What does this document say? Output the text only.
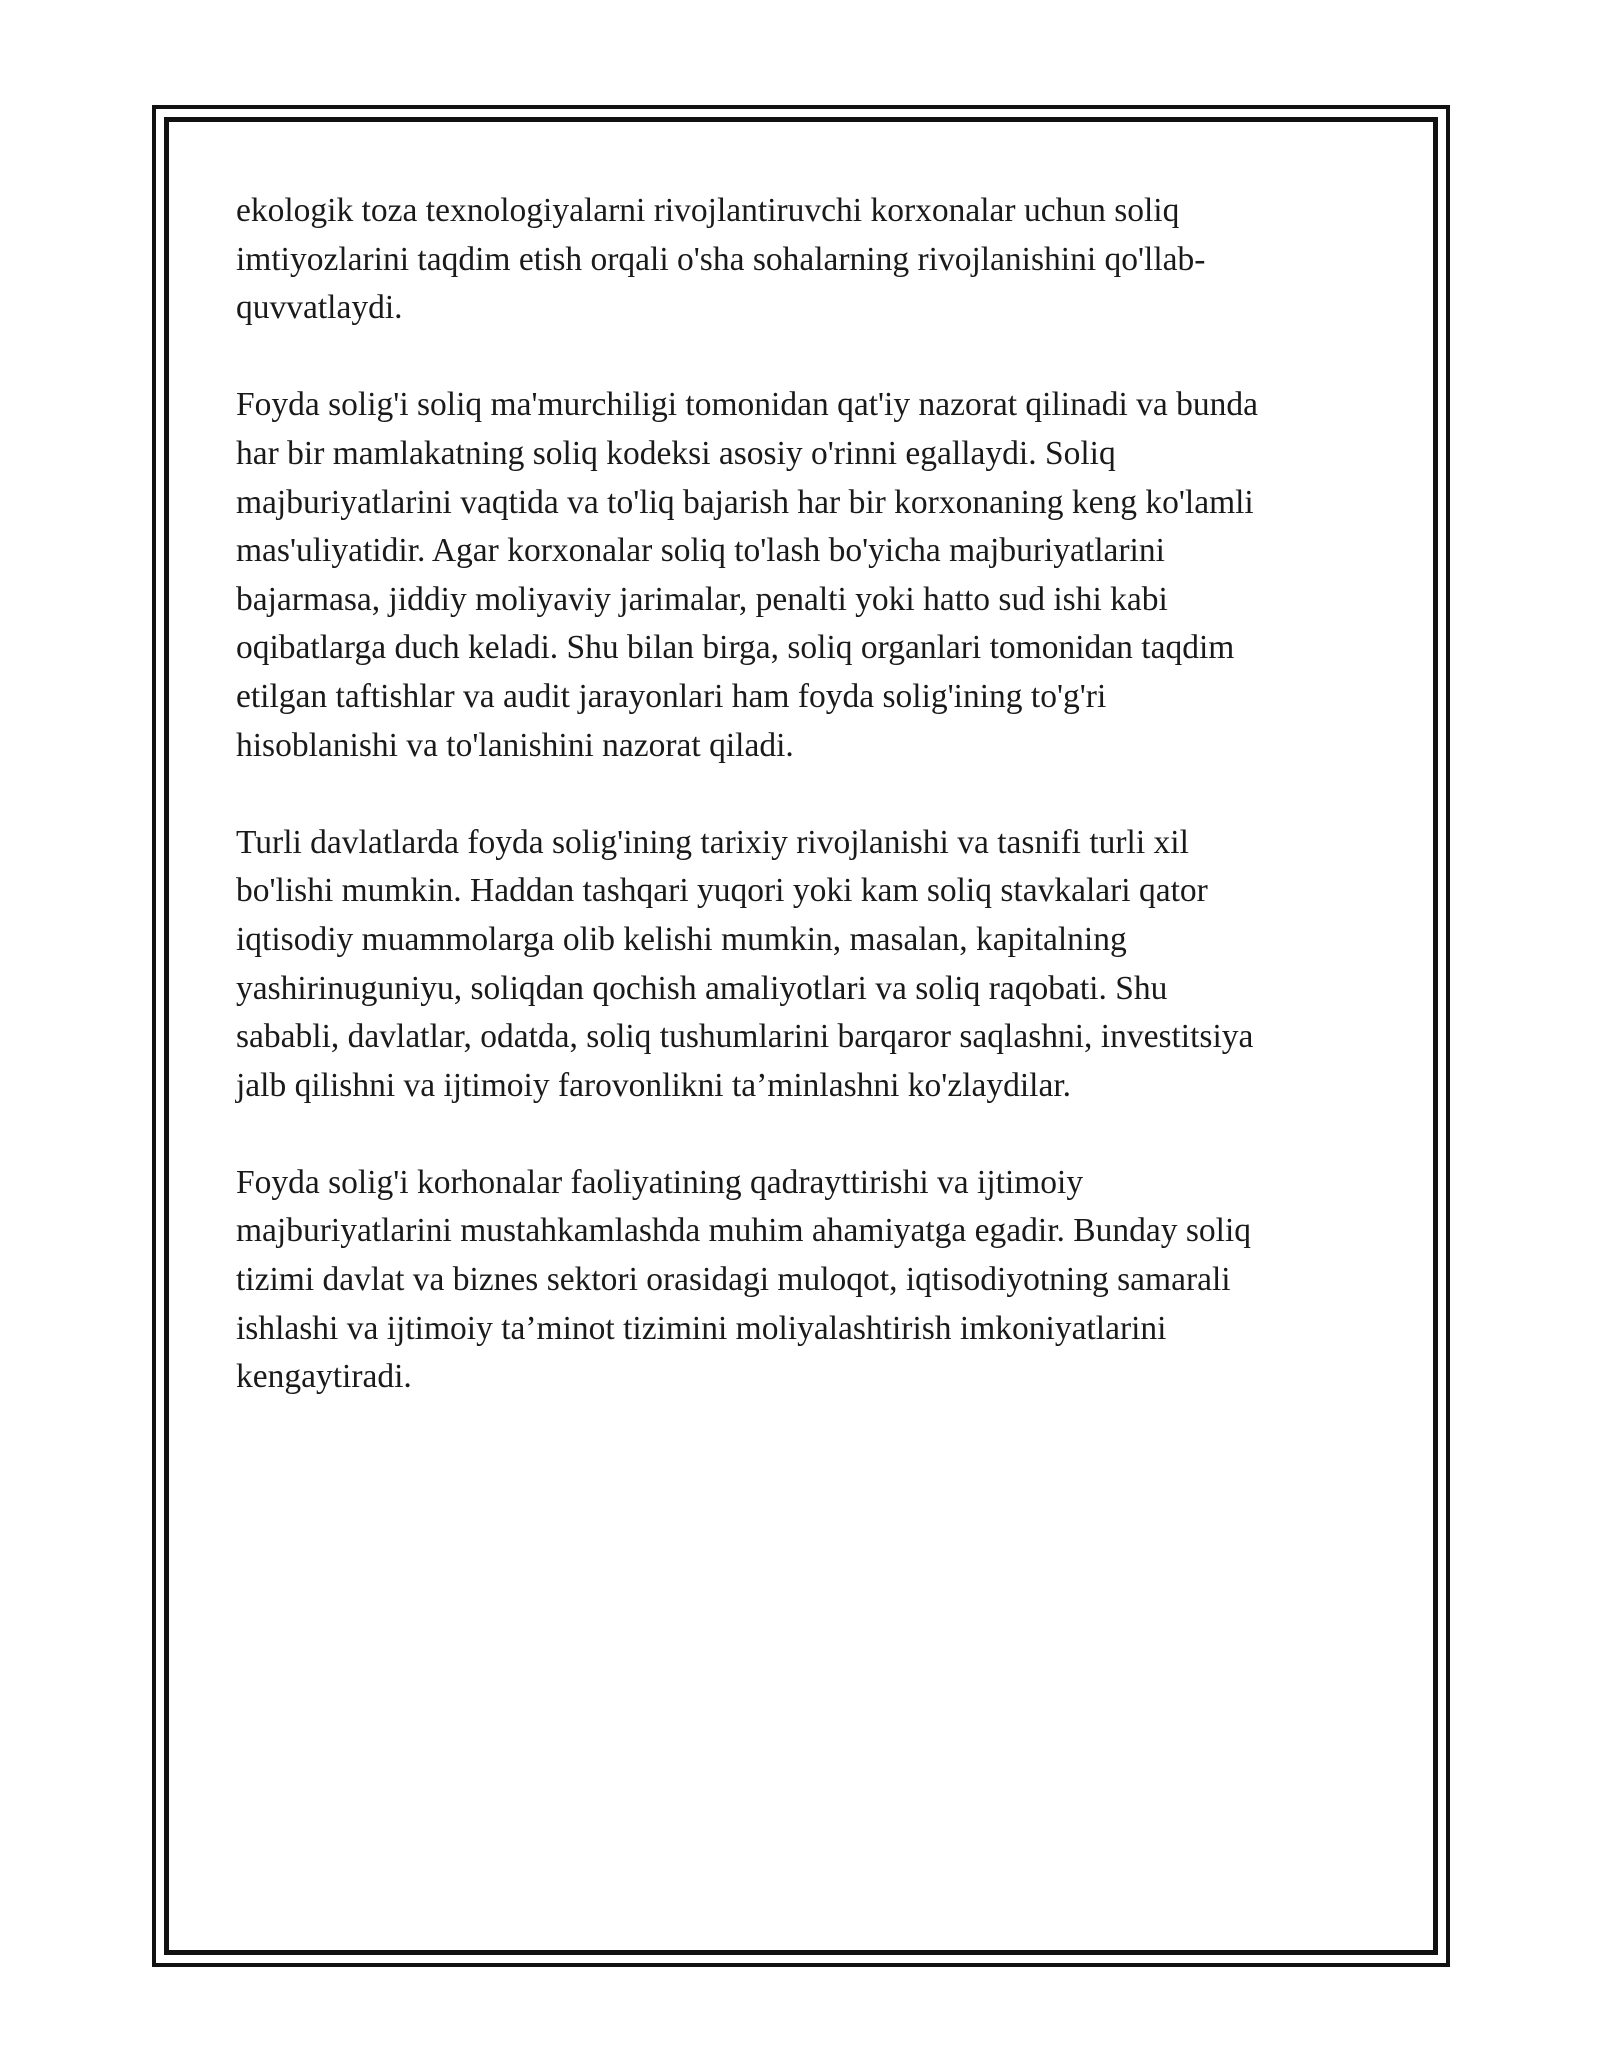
ekologik toza texnologiyalarni rivojlantiruvchi korxonalar uchun soliq
imtiyozlarini taqdim etish orqali o'sha sohalarning rivojlanishini qo'llab-
quvvatlaydi.

Foyda solig'i soliq ma'murchiligi tomonidan qat'iy nazorat qilinadi va bunda
har bir mamlakatning soliq kodeksi asosiy o'rinni egallaydi. Soliq
majburiyatlarini vaqtida va to'liq bajarish har bir korxonaning keng ko'lamli
mas'uliyatidir. Agar korxonalar soliq to'lash bo'yicha majburiyatlarini
bajarmasa, jiddiy moliyaviy jarimalar, penalti yoki hatto sud ishi kabi
oqibatlarga duch keladi. Shu bilan birga, soliq organlari tomonidan taqdim
etilgan taftishlar va audit jarayonlari ham foyda solig'ining to'g'ri
hisoblanishi va to'lanishini nazorat qiladi.

Turli davlatlarda foyda solig'ining tarixiy rivojlanishi va tasnifi turli xil
bo'lishi mumkin. Haddan tashqari yuqori yoki kam soliq stavkalari qator
iqtisodiy muammolarga olib kelishi mumkin, masalan, kapitalning
yashirinuguniyu, soliqdan qochish amaliyotlari va soliq raqobati. Shu
sababli, davlatlar, odatda, soliq tushumlarini barqaror saqlashni, investitsiya
jalb qilishni va ijtimoiy farovonlikni ta’minlashni ko'zlaydilar.

Foyda solig'i korhonalar faoliyatining qadrayttirishi va ijtimoiy
majburiyatlarini mustahkamlashda muhim ahamiyatga egadir. Bunday soliq
tizimi davlat va biznes sektori orasidagi muloqot, iqtisodiyotning samarali
ishlashi va ijtimoiy ta’minot tizimini moliyalashtirish imkoniyatlarini
kengaytiradi.
